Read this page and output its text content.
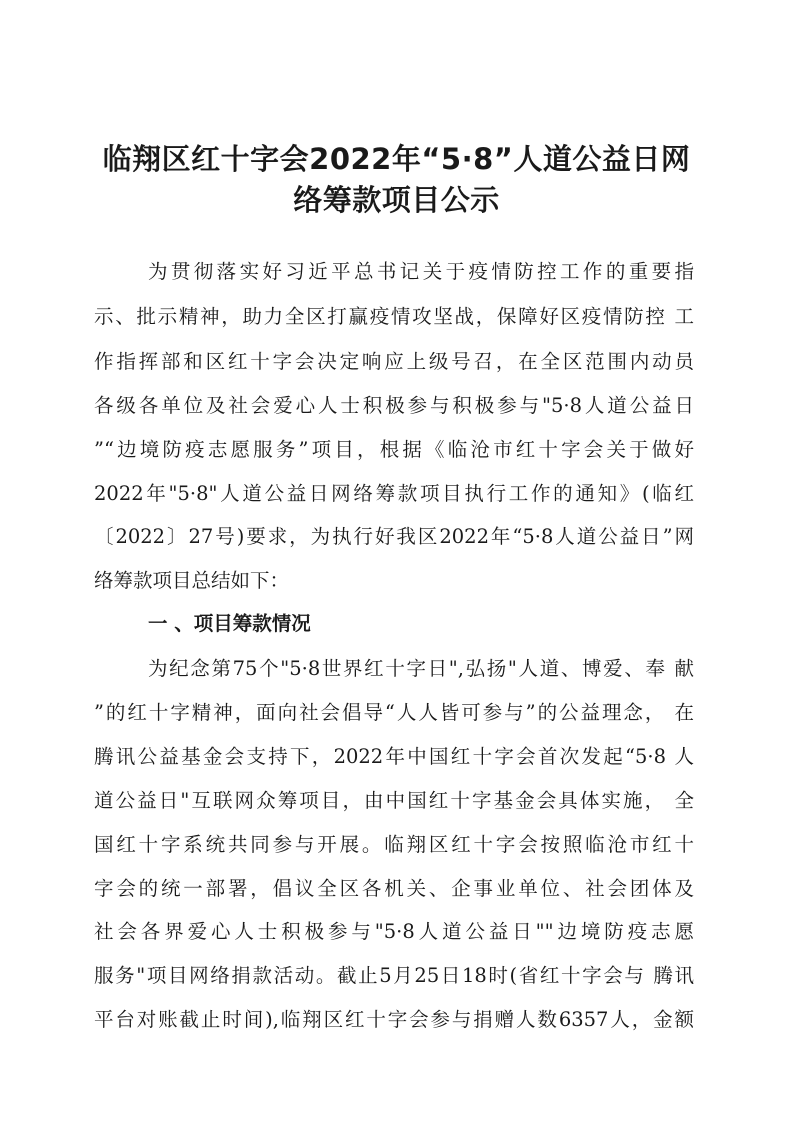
临翔区红十字会2022年“5·8”人道公益日网
络筹款项目公示
为贯彻落实好习近平总书记关于疫情防控工作的重要指
示、批示精神，助力全区打赢疫情攻坚战，保障好区疫情防控 工
作指挥部和区红十字会决定响应上级号召，在全区范围内动员
各级各单位及社会爱心人士积极参与积极参与"5·8人道公益日
”“边境防疫志愿服务”项目，根据《临沧市红十字会关于做好
2022年"5·8"人道公益日网络筹款项目执行工作的通知》(临红
〔2022〕27号)要求，为执行好我区2022年“5·8人道公益日”网
络筹款项目总结如下：
一 、项目筹款情况
为纪念第75个"5·8世界红十字日",弘扬"人道、博爱、奉 献
”的红十字精神，面向社会倡导“人人皆可参与”的公益理念， 在
腾讯公益基金会支持下，2022年中国红十字会首次发起“5·8 人
道公益日"互联网众筹项目，由中国红十字基金会具体实施， 全
国红十字系统共同参与开展。临翔区红十字会按照临沧市红十
字会的统一部署，倡议全区各机关、企事业单位、社会团体及
社会各界爱心人士积极参与"5·8人道公益日""边境防疫志愿
服务"项目网络捐款活动。截止5月25日18时(省红十字会与 腾讯
平台对账截止时间),临翔区红十字会参与捐赠人数6357人，金额
